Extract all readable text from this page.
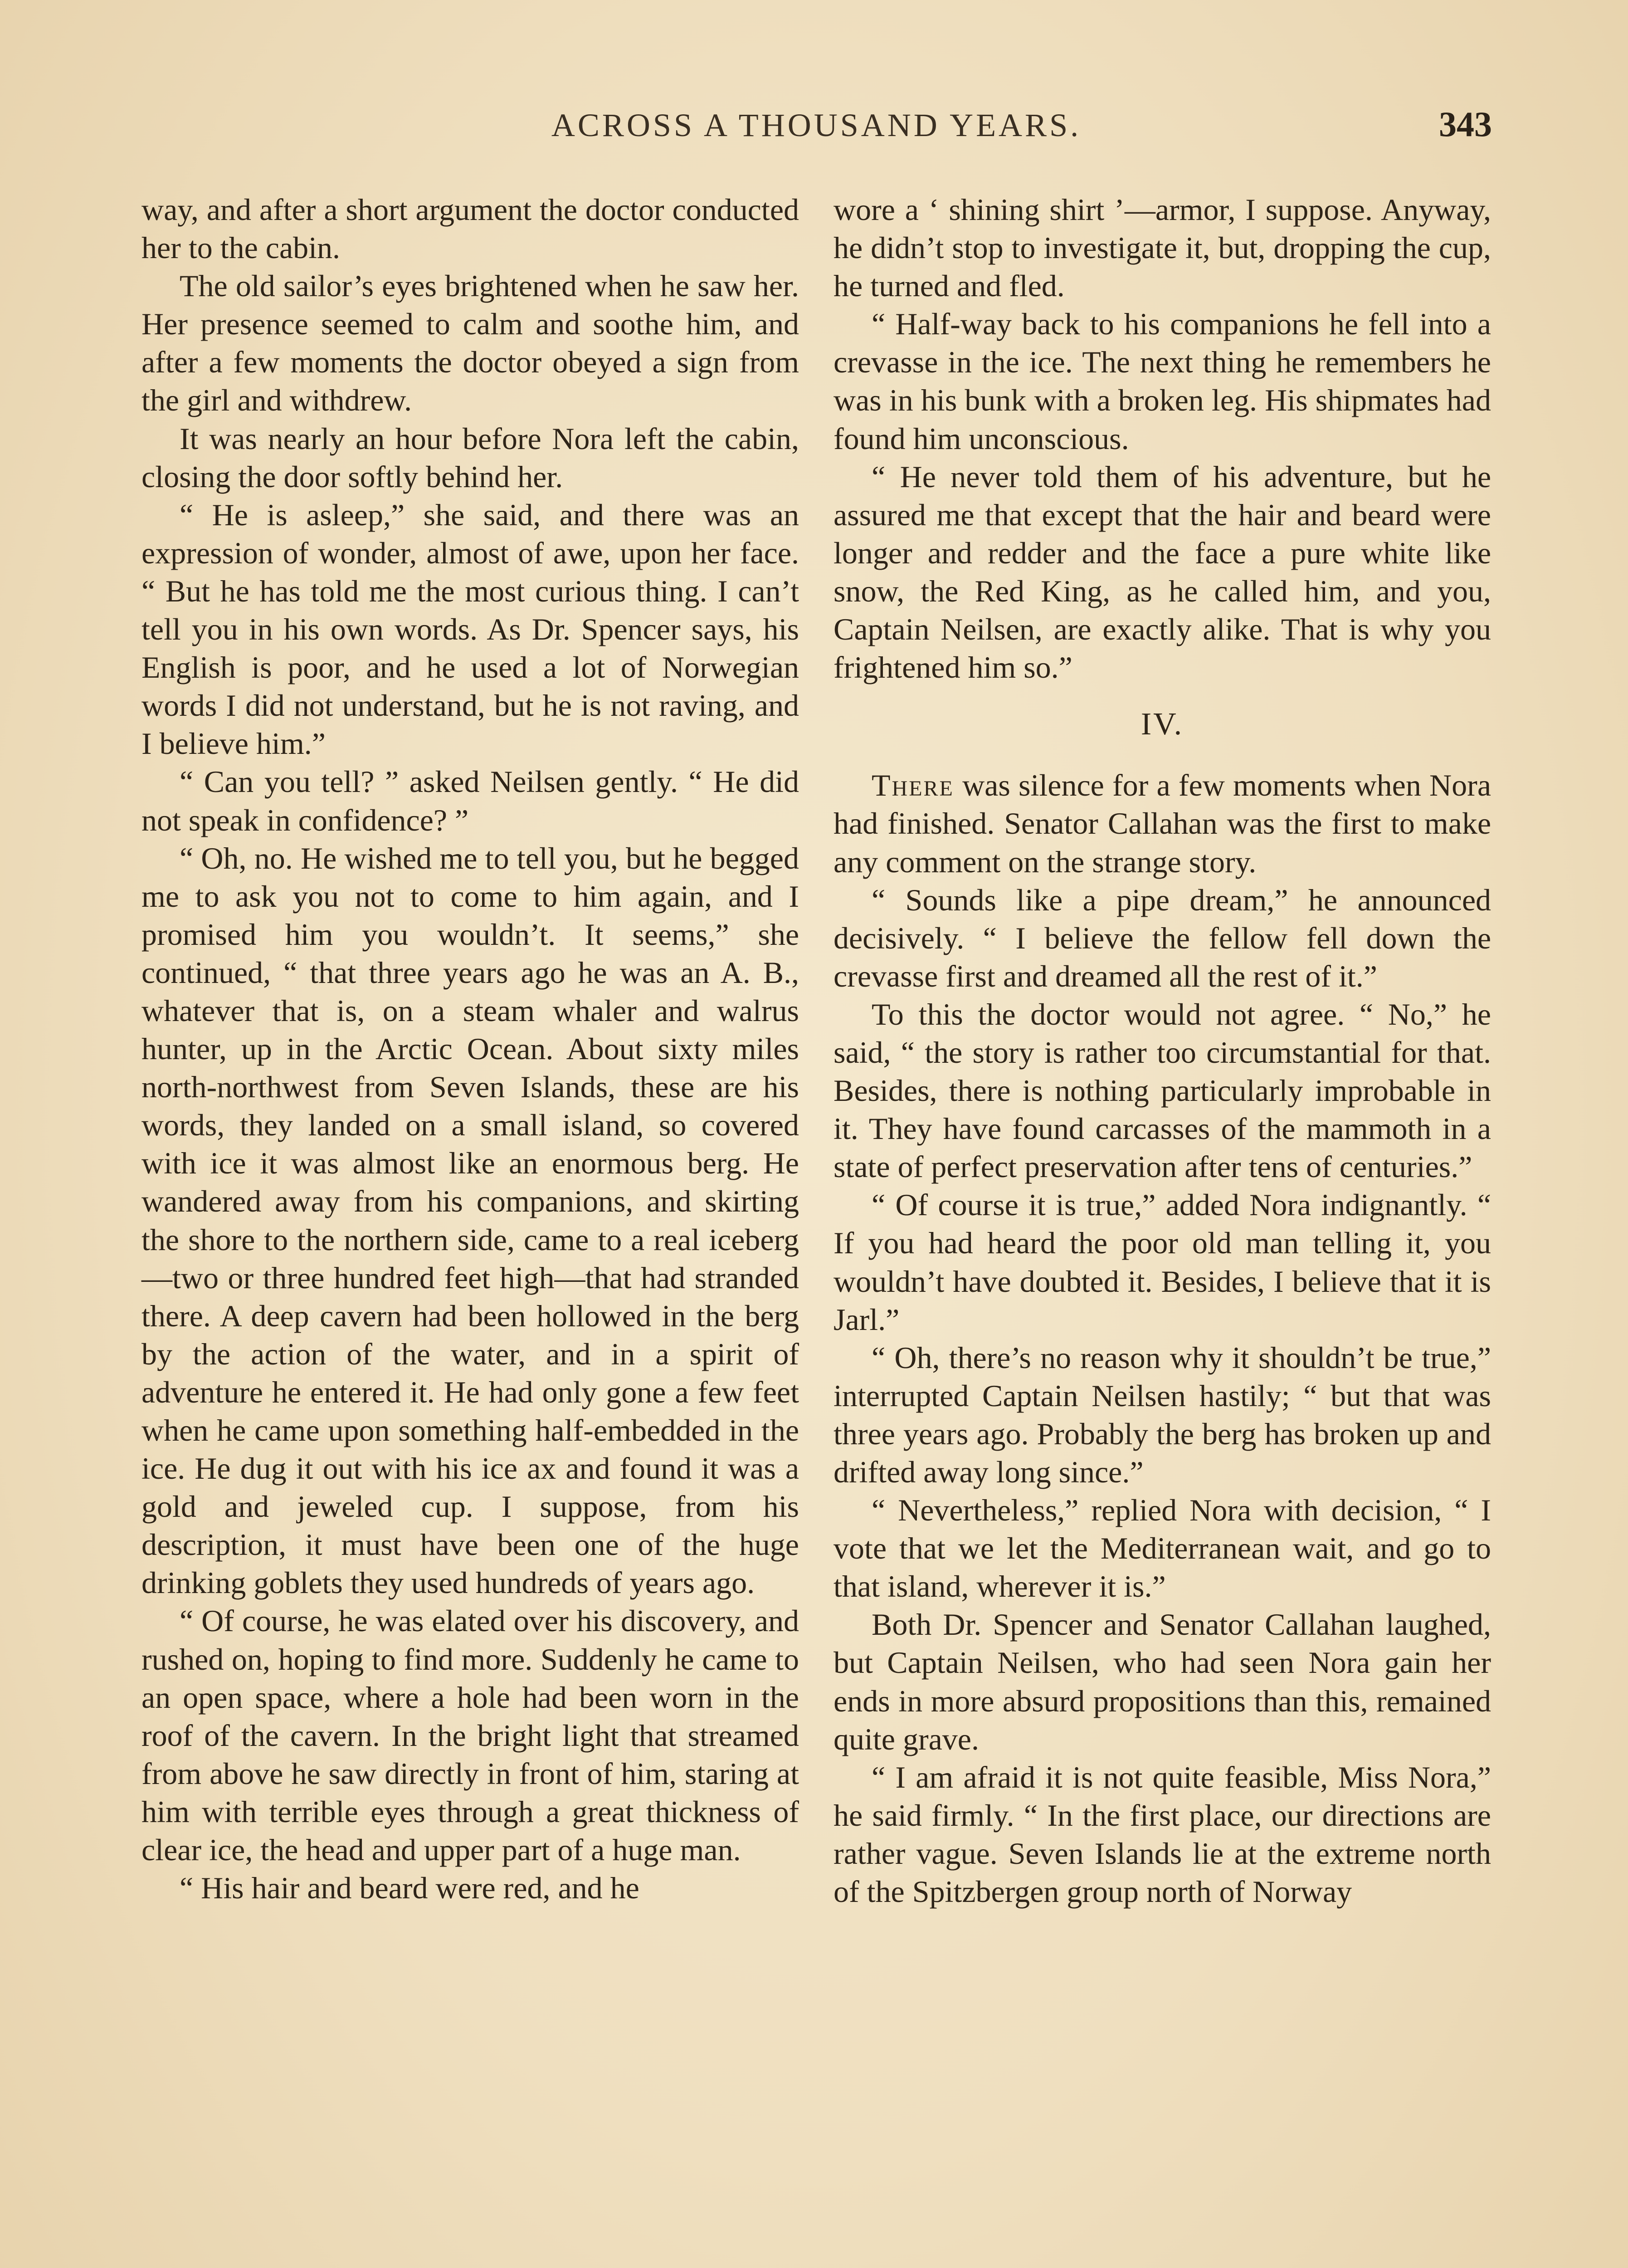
ACROSS A THOUSAND YEARS.	343

way, and after a short argument the doctor conducted her to the cabin.

The old sailor’s eyes brightened when he saw her. Her presence seemed to calm and soothe him, and after a few moments the doctor obeyed a sign from the girl and withdrew.

It was nearly an hour before Nora left the cabin, closing the door softly behind her.

“ He is asleep,” she said, and there was an expression of wonder, almost of awe, upon her face. “ But he has told me the most curious thing. I can’t tell you in his own words. As Dr. Spencer says, his English is poor, and he used a lot of Norwegian words I did not understand, but he is not raving, and I believe him.”

“ Can you tell? ” asked Neilsen gently. “ He did not speak in confidence? ”

“ Oh, no. He wished me to tell you, but he begged me to ask you not to come to him again, and I promised him you wouldn’t. It seems,” she continued, “ that three years ago he was an A. B., whatever that is, on a steam whaler and walrus hunter, up in the Arctic Ocean. About sixty miles north-northwest from Seven Islands, these are his words, they landed on a small island, so covered with ice it was almost like an enormous berg. He wandered away from his companions, and skirting the shore to the northern side, came to a real iceberg—two or three hundred feet high—that had stranded there. A deep cavern had been hollowed in the berg by the action of the water, and in a spirit of adventure he entered it. He had only gone a few feet when he came upon something half-embedded in the ice. He dug it out with his ice ax and found it was a gold and jeweled cup. I suppose, from his description, it must have been one of the huge drinking goblets they used hundreds of years ago.

“ Of course, he was elated over his discovery, and rushed on, hoping to find more. Suddenly he came to an open space, where a hole had been worn in the roof of the cavern. In the bright light that streamed from above he saw directly in front of him, staring at him with terrible eyes through a great thickness of clear ice, the head and upper part of a huge man.

“ His hair and beard were red, and he

wore a ‘ shining shirt ’—armor, I suppose. Anyway, he didn’t stop to investigate it, but, dropping the cup, he turned and fled.

“ Half-way back to his companions he fell into a crevasse in the ice. The next thing he remembers he was in his bunk with a broken leg. His shipmates had found him unconscious.

“ He never told them of his adventure, but he assured me that except that the hair and beard were longer and redder and the face a pure white like snow, the Red King, as he called him, and you, Captain Neilsen, are exactly alike. That is why you frightened him so.”

IV.

There was silence for a few moments when Nora had finished. Senator Callahan was the first to make any comment on the strange story.

“ Sounds like a pipe dream,” he announced decisively. “ I believe the fellow fell down the crevasse first and dreamed all the rest of it.”

To this the doctor would not agree. “ No,” he said, “ the story is rather too circumstantial for that. Besides, there is nothing particularly improbable in it. They have found carcasses of the mammoth in a state of perfect preservation after tens of centuries.”

“ Of course it is true,” added Nora indignantly. “ If you had heard the poor old man telling it, you wouldn’t have doubted it. Besides, I believe that it is Jarl.”

“ Oh, there’s no reason why it shouldn’t be true,” interrupted Captain Neilsen hastily; “ but that was three years ago. Probably the berg has broken up and drifted away long since.”

“ Nevertheless,” replied Nora with decision, “ I vote that we let the Mediterranean wait, and go to that island, wherever it is.”

Both Dr. Spencer and Senator Callahan laughed, but Captain Neilsen, who had seen Nora gain her ends in more absurd propositions than this, remained quite grave.

“ I am afraid it is not quite feasible, Miss Nora,” he said firmly. “ In the first place, our directions are rather vague. Seven Islands lie at the extreme north of the Spitzbergen group north of Norway
